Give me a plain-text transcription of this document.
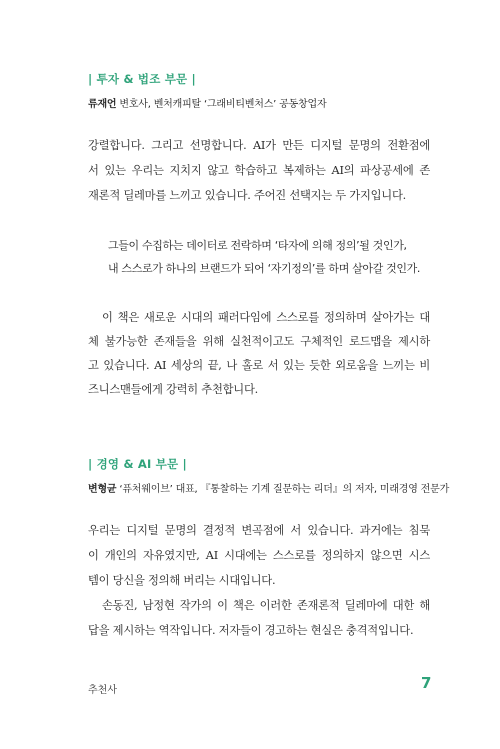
| 투자 & 법조 부문 |
류재언 변호사, 벤처캐피탈 ‘그래비티벤처스’ 공동창업자
강렬합니다. 그리고 선명합니다. AI가 만든 디지털 문명의 전환점에
서 있는 우리는 지치지 않고 학습하고 복제하는 AI의 파상공세에 존
재론적 딜레마를 느끼고 있습니다. 주어진 선택지는 두 가지입니다.
그들이 수집하는 데이터로 전락하며 ‘타자에 의해 정의’될 것인가,
내 스스로가 하나의 브랜드가 되어 ‘자기정의’를 하며 살아갈 것인가.
이 책은 새로운 시대의 패러다임에 스스로를 정의하며 살아가는 대
체 불가능한 존재들을 위해 실천적이고도 구체적인 로드맵을 제시하
고 있습니다. AI 세상의 끝, 나 홀로 서 있는 듯한 외로움을 느끼는 비
즈니스맨들에게 강력히 추천합니다.
| 경영 & AI 부문 |
변형균 ‘퓨처웨이브’ 대표, 『통찰하는 기계 질문하는 리더』의 저자, 미래경영 전문가
우리는 디지털 문명의 결정적 변곡점에 서 있습니다. 과거에는 침묵
이 개인의 자유였지만, AI 시대에는 스스로를 정의하지 않으면 시스
템이 당신을 정의해 버리는 시대입니다.
손동진, 남정현 작가의 이 책은 이러한 존재론적 딜레마에 대한 해
답을 제시하는 역작입니다. 저자들이 경고하는 현실은 충격적입니다.
추천사	7
